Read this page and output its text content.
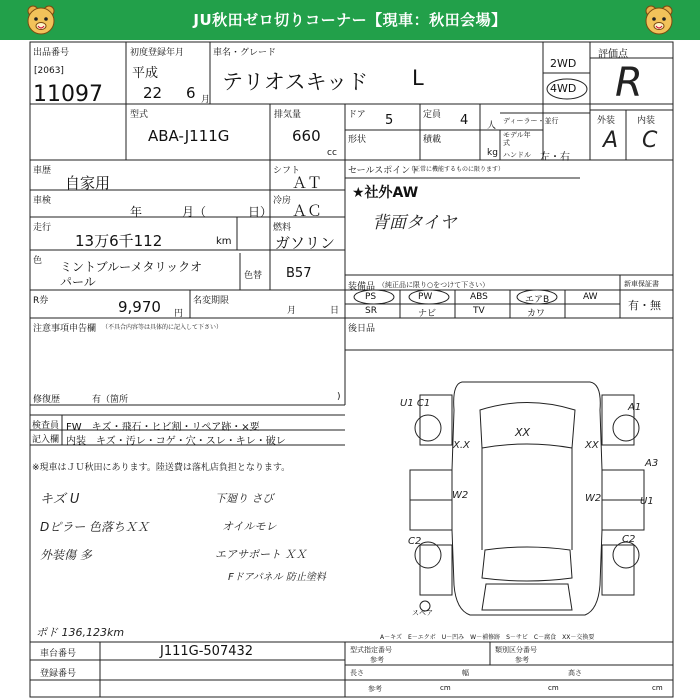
JU秋田ゼロ切りコーナー【現車：秋田会場】
出品番号
[2063]
11097
初度登録年月
平成
22 6 月
車名・グレード
テリオスキッド L
2WD
4WD
評価点
R
外装 内装
A C
型式
ABA-J111G
排気量
660
cc
ドア 5	定員 4 人
形状	積載
kg
ディーラー・並行
モデル年式
ハンドル 左・右
車歴
自家用
シフト
ＡＴ
車検
年	月（	日）
冷房
ＡＣ
走行
13万6千112	km
燃料
ガソリン
色 ミントブルーメタリックオ
パール	色替 B57
R券	9,970 円
名変期限
月	日
注意事項申告欄 （不具合内容等は具体的に記入して下さい）
修復歴	有（箇所	)
セールスポイント
（正常に機能するものに限ります）
★社外AW
背面タイヤ
装備品 （純正品に限り○をつけて下さい）
PS	PW	ABS	エアB	AW
SR	ナビ	TV	カワ
新車保証書
有・無
後日品
検査員
記入欄
FW　キズ・飛石・ヒビ割・リペア跡・×要
内装　キズ・汚レ・コゲ・穴・スレ・キレ・破レ
※現車はＪＵ秋田にあります。陸送費は落札店負担となります。
キズ U
Dピラー 色落ちＸＸ
外装傷 多
下廻り さび
オイルモレ
エアサポート ＸＸ
Fドアパネル 防止塗料
ポド 136,123km
スペア
U1 C1
XX
X.X	XX
A1
A3
W2	W2	U1
C2	C2
A－キズ　E－エクボ　U－凹み　W－補修跡　S－サビ　C－腐食　XX－交換要
車台番号	J111G-507432
登録番号
型式指定番号
参考
類別区分番号
参考
長さ	幅	高さ
cm	cm	cm
参考
